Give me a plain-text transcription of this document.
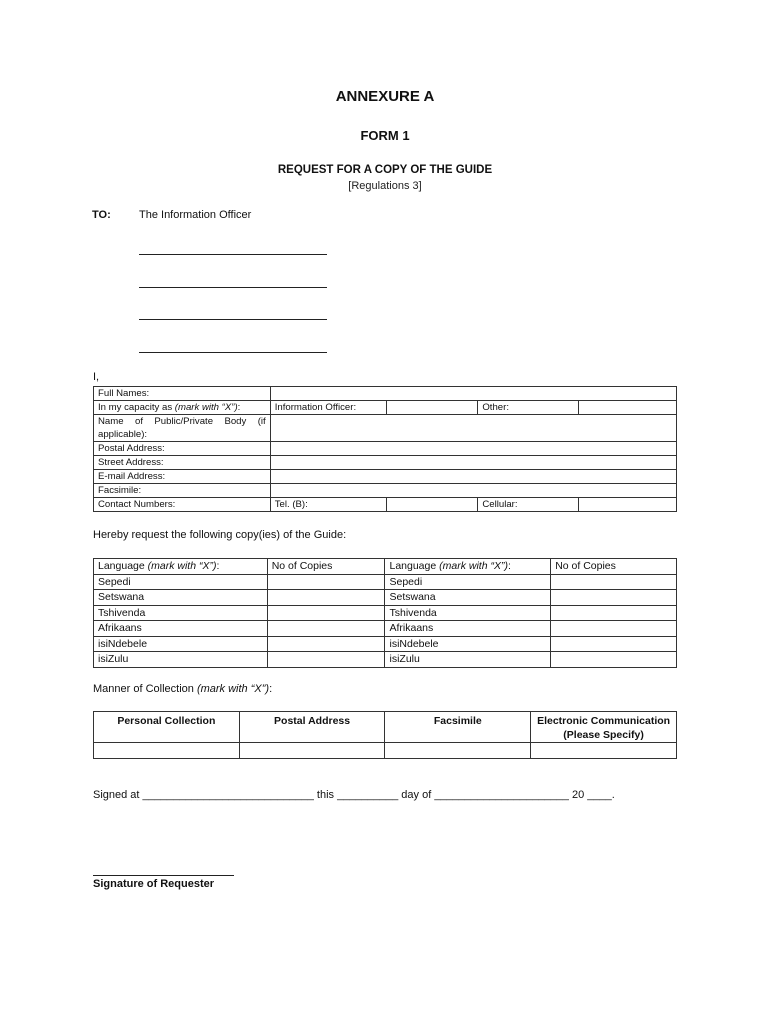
ANNEXURE A
FORM 1
REQUEST FOR A COPY OF THE GUIDE
[Regulations 3]
TO:	The Information Officer
I,
Full Names:				
In my capacity as (mark with “X”):	Information Officer:		Other:	

Name of Public/Private Body (if
applicable):				

Postal Address:				
Street Address:				
E-mail Address:				
Facsimile:				
Contact Numbers:	Tel. (B):		Cellular:	
Hereby request the following copy(ies) of the Guide:
Language (mark with “X”):	No of Copies	Language (mark with “X”):	No of Copies
Sepedi		Sepedi	
Setswana		Setswana	
Tshivenda		Tshivenda	
Afrikaans		Afrikaans	
isiNdebele		isiNdebele	
isiZulu		isiZulu	
Manner of Collection (mark with “X”):
Personal Collection	Postal Address	Facsimile	Electronic Communication
(Please Specify)

Signed at ____________________________ this __________ day of ______________________ 20 ____.
Signature of Requester
